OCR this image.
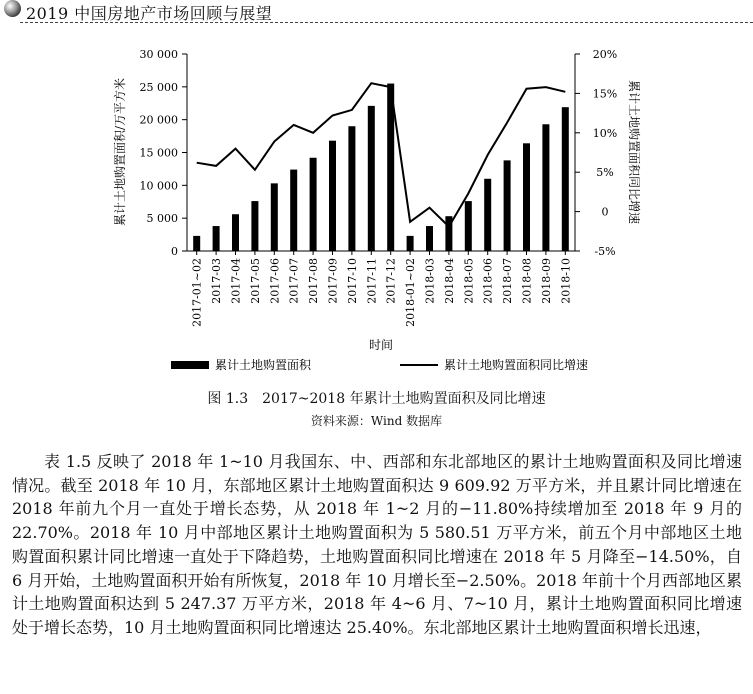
2019 中国房地产市场回顾与展望
0
5 000
10 000
15 000
20 000
25 000
30 000
-5%
0
5%
10%
15%
20%
2017-01~02 2017-03 2017-04 2017-05 2017-06 2017-07 2017-08 2017-09 2017-10 2017-11 2017-12 2018-01~02 2018-03 2018-04 2018-05 2018-06 2018-07 2018-08 2018-09 2018-10
时间
累计土地购置面积/万平方米	累计土地购置面积同比增速
累计土地购置面积	累计土地购置面积同比增速
图 1.3　2017~2018 年累计土地购置面积及同比增速
资料来源：Wind 数据库

表 1.5 反映了 2018 年 1~10 月我国东、中、西部和东北部地区的累计土地购置面积及同比增速情况。截至 2018 年 10 月，东部地区累计土地购置面积达 9 609.92 万平方米，并且累计同比增速在 2018 年前九个月一直处于增长态势，从 2018 年 1~2 月的−11.80%持续增加至 2018 年 9 月的 22.70%。2018 年 10 月中部地区累计土地购置面积为 5 580.51 万平方米，前五个月中部地区土地购置面积累计同比增速一直处于下降趋势，土地购置面积同比增速在 2018 年 5 月降至−14.50%，自 6 月开始，土地购置面积开始有所恢复，2018 年 10 月增长至−2.50%。2018 年前十个月西部地区累计土地购置面积达到 5 247.37 万平方米，2018 年 4~6 月、7~10 月，累计土地购置面积同比增速处于增长态势，10 月土地购置面积同比增速达 25.40%。东北部地区累计土地购置面积增长迅速，
